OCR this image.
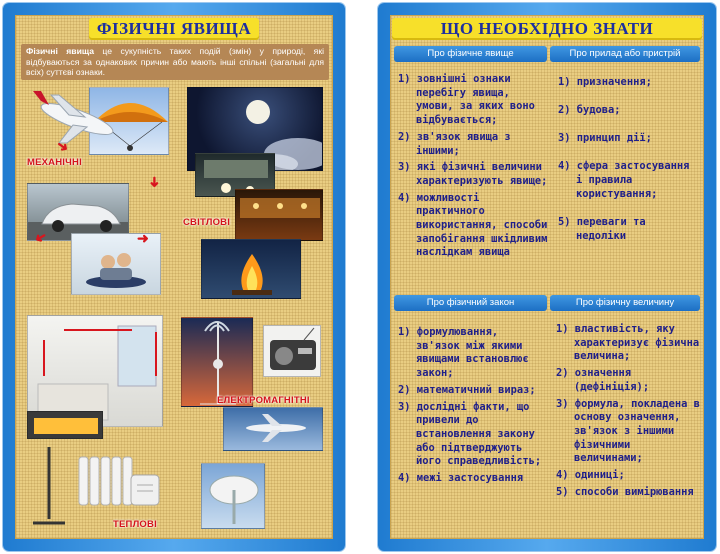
ФІЗИЧНІ ЯВИЩА
Фізичні явища це сукупність таких подій (змін) у природі, які відбуваються за однакових причин або мають інші спільні (загальні для всіх) суттєві ознаки.
➜
МЕХАНІЧНІ
➜
➜	➜
СВІТЛОВІ
ТЕПЛОВІ
ЕЛЕКТРОМАГНІТНІ
ЩО НЕОБХІДНО ЗНАТИ
Про фізичне явище
1) зовнішні ознаки перебігу явища, умови, за яких воно відбувається;
2) зв'язок явища з іншими;
3) які фізичні величини характеризують явище;
4) можливості практичного використання, способи запобігання шкідливим наслідкам явища
Про прилад або пристрій
1) призначення;
2) будова;
3) принцип дії;
4) сфера застосування і правила користування;
5) переваги та недоліки
Про фізичний закон
1) формулювання, зв'язок між якими явищами встановлює закон;
2) математичний вираз;
3) дослідні факти, що привели до встановлення закону або підтверджують його справедливість;
4) межі застосування
Про фізичну величину
1) властивість, яку характеризує фізична величина;
2) означення (дефініція);
3) формула, покладена в основу означення, зв'язок з іншими фізичними величинами;
4) одиниці;
5) способи вимірювання
